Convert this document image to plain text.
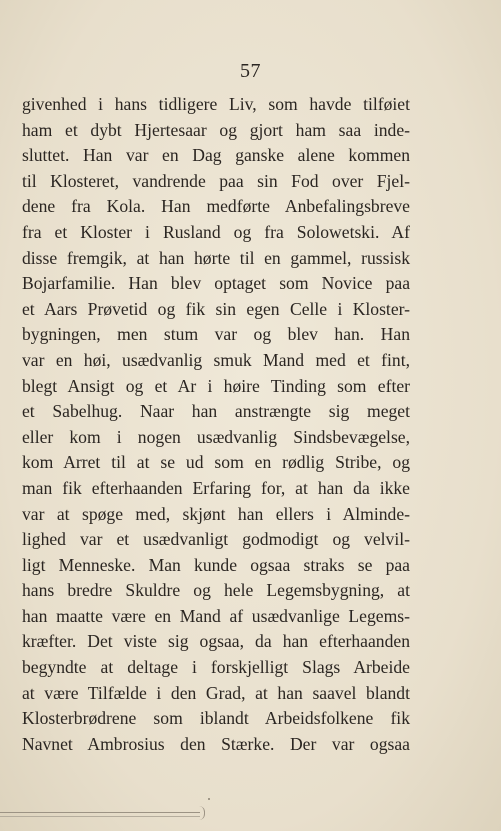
57
givenhed i hans tidligere Liv, som havde tilføiet
ham et dybt Hjertesaar og gjort ham saa inde-
sluttet. Han var en Dag ganske alene kommen
til Klosteret, vandrende paa sin Fod over Fjel-
dene fra Kola. Han medførte Anbefalingsbreve
fra et Kloster i Rusland og fra Solowetski. Af
disse fremgik, at han hørte til en gammel, russisk
Bojarfamilie. Han blev optaget som Novice paa
et Aars Prøvetid og fik sin egen Celle i Kloster-
bygningen, men stum var og blev han. Han
var en høi, usædvanlig smuk Mand med et fint,
blegt Ansigt og et Ar i høire Tinding som efter
et Sabelhug. Naar han anstrængte sig meget
eller kom i nogen usædvanlig Sindsbevægelse,
kom Arret til at se ud som en rødlig Stribe, og
man fik efterhaanden Erfaring for, at han da ikke
var at spøge med, skjønt han ellers i Alminde-
lighed var et usædvanligt godmodigt og velvil-
ligt Menneske. Man kunde ogsaa straks se paa
hans bredre Skuldre og hele Legemsbygning, at
han maatte være en Mand af usædvanlige Legems-
kræfter. Det viste sig ogsaa, da han efterhaanden
begyndte at deltage i forskjelligt Slags Arbeide
at være Tilfælde i den Grad, at han saavel blandt
Klosterbrødrene som iblandt Arbeidsfolkene fik
Navnet Ambrosius den Stærke. Der var ogsaa
